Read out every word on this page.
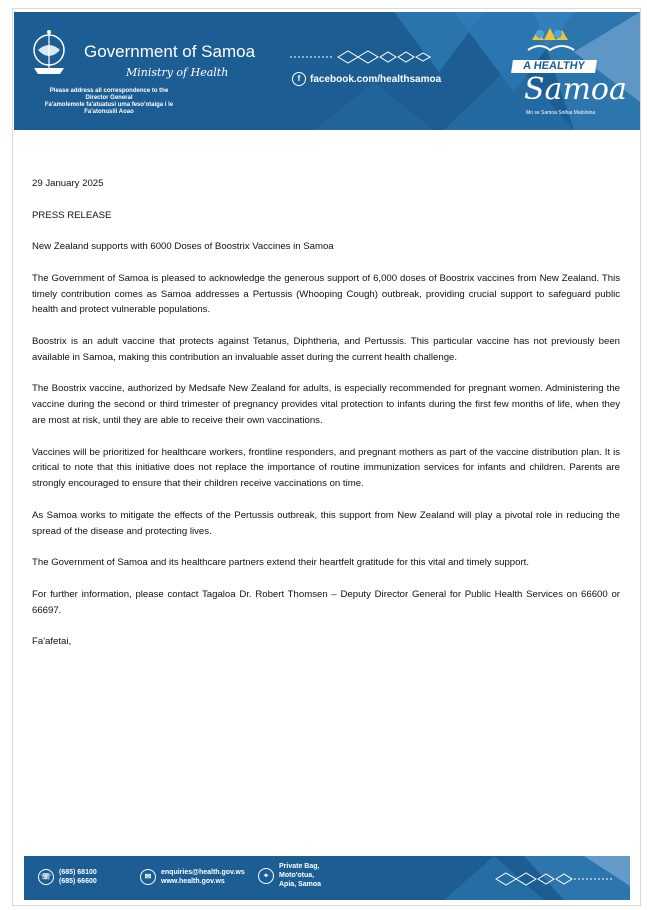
Government of Samoa
Ministry of Health
Please address all correspondence to the
Director General
Fa'amolemole fa'atuatusi uma feso'otaiga i le
Fa'atonusili Aoao
f facebook.com/healthsamoa
A HEALTHY
Samoa
Mo se Samoa Soifua Maloloina

29 January 2025

PRESS RELEASE

New Zealand supports with 6000 Doses of Boostrix Vaccines in Samoa

The Government of Samoa is pleased to acknowledge the generous support of 6,000 doses of Boostrix vaccines from New Zealand. This timely contribution comes as Samoa addresses a Pertussis (Whooping Cough) outbreak, providing crucial support to safeguard public health and protect vulnerable populations.

Boostrix is an adult vaccine that protects against Tetanus, Diphtheria, and Pertussis. This particular vaccine has not previously been available in Samoa, making this contribution an invaluable asset during the current health challenge.

The Boostrix vaccine, authorized by Medsafe New Zealand for adults, is especially recommended for pregnant women. Administering the vaccine during the second or third trimester of pregnancy provides vital protection to infants during the first few months of life, when they are most at risk, until they are able to receive their own vaccinations.

Vaccines will be prioritized for healthcare workers, frontline responders, and pregnant mothers as part of the vaccine distribution plan. It is critical to note that this initiative does not replace the importance of routine immunization services for infants and children. Parents are strongly encouraged to ensure that their children receive vaccinations on time.

As Samoa works to mitigate the effects of the Pertussis outbreak, this support from New Zealand will play a pivotal role in reducing the spread of the disease and protecting lives.

The Government of Samoa and its healthcare partners extend their heartfelt gratitude for this vital and timely support.

For further information, please contact Tagaloa Dr. Robert Thomsen – Deputy Director General for Public Health Services on 66600 or 66697.

Fa'afetai,

☏	(685) 68100
(685) 66600
✉	enquiries@health.gov.ws
www.health.gov.ws
⌖
Private Bag,
Moto'otua,
Apia, Samoa
